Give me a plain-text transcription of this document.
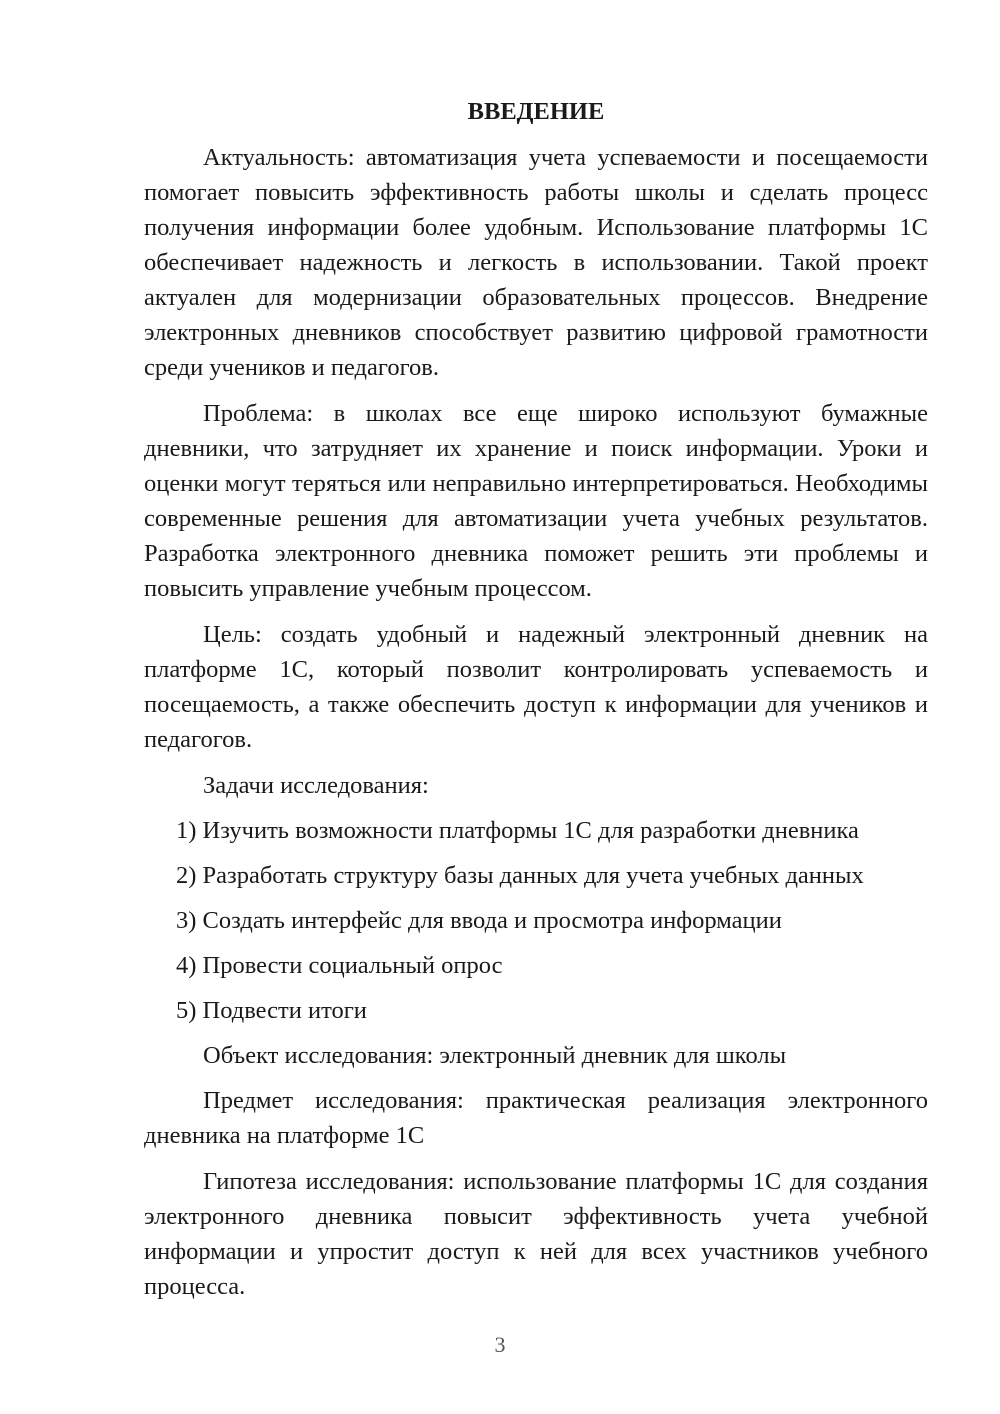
ВВЕДЕНИЕ

Актуальность: автоматизация учета успеваемости и посещаемости помогает повысить эффективность работы школы и сделать процесс получения информации более удобным. Использование платформы 1С обеспечивает надежность и легкость в использовании. Такой проект актуален для модернизации образовательных процессов. Внедрение электронных дневников способствует развитию цифровой грамотности среди учеников и педагогов.

Проблема: в школах все еще широко используют бумажные дневники, что затрудняет их хранение и поиск информации. Уроки и оценки могут теряться или неправильно интерпретироваться. Необходимы современные решения для автоматизации учета учебных результатов. Разработка электронного дневника поможет решить эти проблемы и повысить управление учебным процессом.

Цель: создать удобный и надежный электронный дневник на платформе 1С, который позволит контролировать успеваемость и посещаемость, а также обеспечить доступ к информации для учеников и педагогов.

Задачи исследования:

1) Изучить возможности платформы 1С для разработки дневника
2) Разработать структуру базы данных для учета учебных данных
3) Создать интерфейс для ввода и просмотра информации
4) Провести социальный опрос
5) Подвести итоги

Объект исследования: электронный дневник для школы

Предмет исследования: практическая реализация электронного дневника на платформе 1С

Гипотеза исследования: использование платформы 1С для создания электронного дневника повысит эффективность учета учебной информации и упростит доступ к ней для всех участников учебного процесса.

3
